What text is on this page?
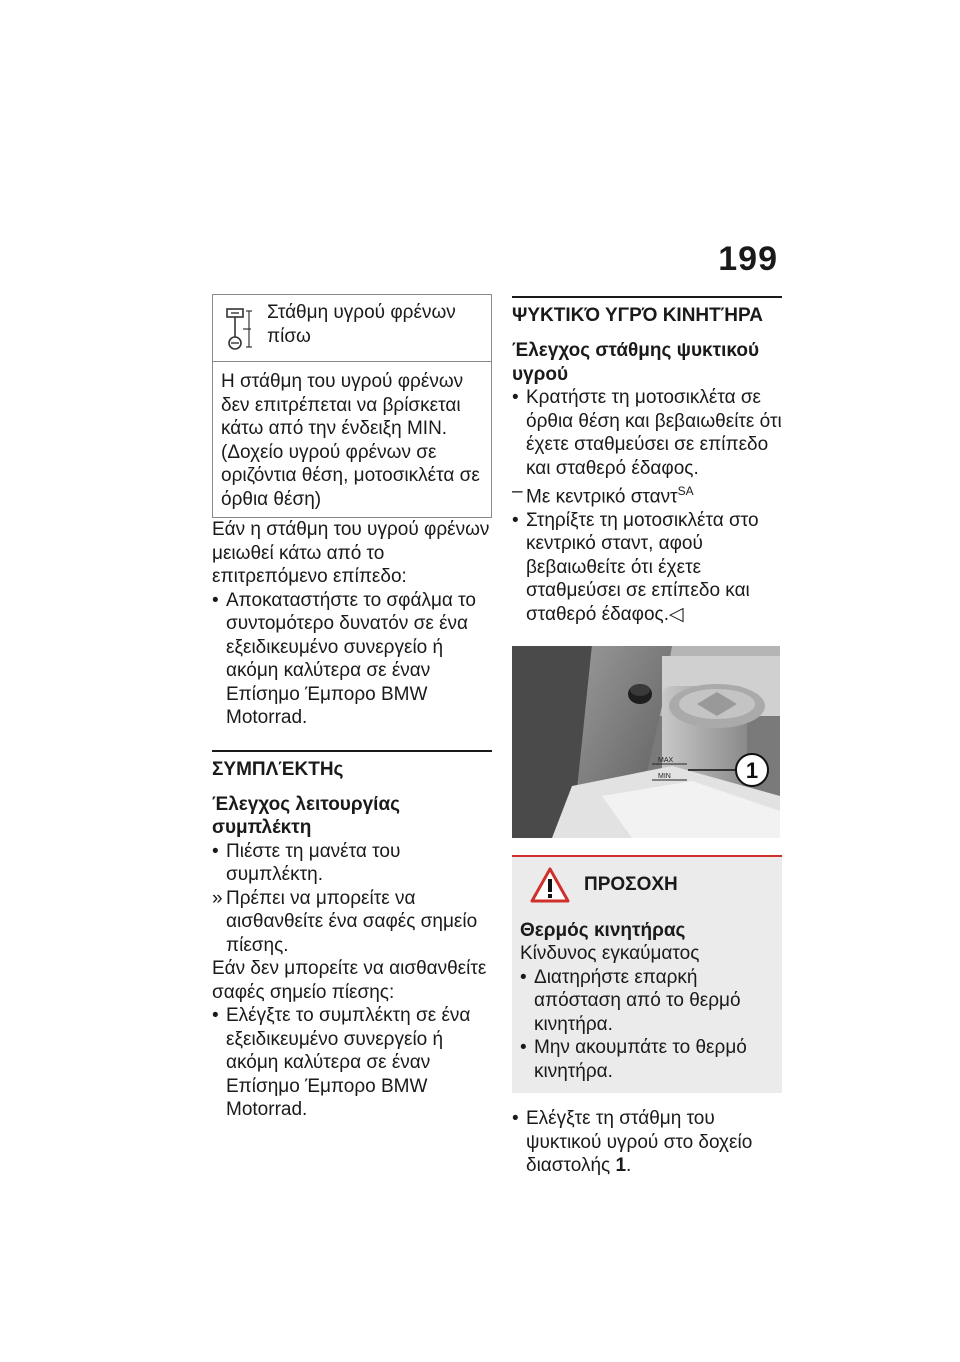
199
Στάθμη υγρού φρένων πίσω
Η στάθμη του υγρού φρένων δεν επιτρέπεται να βρίσκεται κάτω από την ένδειξη MIN. (Δοχείο υγρού φρένων σε οριζόντια θέση, μοτοσικλέτα σε όρθια θέση)

Εάν η στάθμη του υγρού φρένων μειωθεί κάτω από το επιτρεπόμενο επίπεδο:

• Αποκαταστήστε το σφάλμα το συντομότερο δυνατόν σε ένα εξειδικευμένο συνεργείο ή ακόμη καλύτερα σε έναν Επίσημο Έμπορο BMW Motorrad.

ΣΥΜΠΛΈΚΤΗς
Έλεγχος λειτουργίας συμπλέκτη

• Πιέστε τη μανέτα του συμπλέκτη.

» Πρέπει να μπορείτε να αισθανθείτε ένα σαφές σημείο πίεσης.

Εάν δεν μπορείτε να αισθανθείτε σαφές σημείο πίεσης:

• Ελέγξτε το συμπλέκτη σε ένα εξειδικευμένο συνεργείο ή ακόμη καλύτερα σε έναν Επίσημο Έμπορο BMW Motorrad.

ΨΥΚΤΙΚΌ ΥΓΡΌ ΚΙΝΗΤΉΡΑ
Έλεγχος στάθμης ψυκτικού υγρού

• Κρατήστε τη μοτοσικλέτα σε όρθια θέση και βεβαιωθείτε ότι έχετε σταθμεύσει σε επίπεδο και σταθερό έδαφος.

– Με κεντρικό σταντ$^{SA}$

• Στηρίξτε τη μοτοσικλέτα στο κεντρικό σταντ, αφού βεβαιωθείτε ότι έχετε σταθμεύσει σε επίπεδο και σταθερό έδαφος.◁

MAX
MIN	1
ΠΡΟΣΟΧΗ
Θερμός κινητήρας

Κίνδυνος εγκαύματος

• Διατηρήστε επαρκή απόσταση από το θερμό κινητήρα.

• Μην ακουμπάτε το θερμό κινητήρα.

• Ελέγξτε τη στάθμη του ψυκτικού υγρού στο δοχείο διαστολής 1.
